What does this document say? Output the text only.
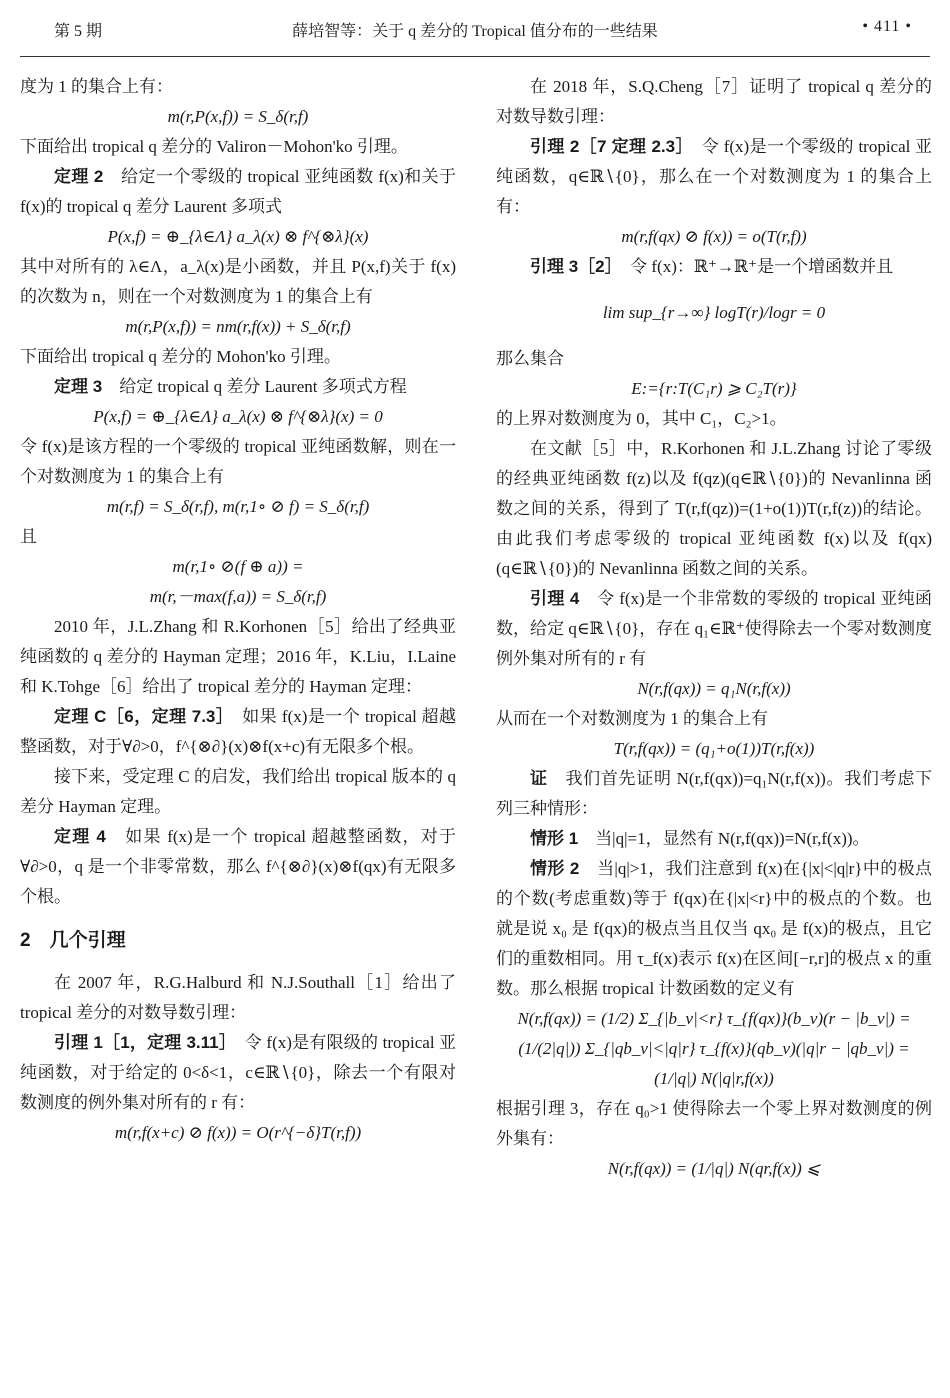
第 5 期	薛培智等：关于 q 差分的 Tropical 值分布的一些结果	• 411 •

度为 1 的集合上有：

m(r,P(x,f)) = S_δ(r,f)

下面给出 tropical q 差分的 Valiron－Mohon'ko 引理。

定理 2　 给定一个零级的 tropical 亚纯函数 f(x)和关于 f(x)的 tropical q 差分 Laurent 多项式

P(x,f) = ⊕_{λ∈Λ} a_λ(x) ⊗ f^{⊗λ}(x)

其中对所有的 λ∈Λ，a_λ(x)是小函数，并且 P(x,f)关于 f(x)的次数为 n，则在一个对数测度为 1 的集合上有

m(r,P(x,f)) = nm(r,f(x)) + S_δ(r,f)

下面给出 tropical q 差分的 Mohon'ko 引理。

定理 3　 给定 tropical q 差分 Laurent 多项式方程

P(x,f) = ⊕_{λ∈Λ} a_λ(x) ⊗ f^{⊗λ}(x) = 0

令 f(x)是该方程的一个零级的 tropical 亚纯函数解，则在一个对数测度为 1 的集合上有

m(r,f) = S_δ(r,f), m(r,1∘ ⊘ f) = S_δ(r,f)

且

m(r,1∘ ⊘(f ⊕ a)) =
m(r,－max(f,a)) = S_δ(r,f)

2010 年，J.L.Zhang 和 R.Korhonen［5］给出了经典亚纯函数的 q 差分的 Hayman 定理；2016 年，K.Liu，I.Laine 和 K.Tohge［6］给出了 tropical 差分的 Hayman 定理：

定理 C［6，定理 7.3］　 如果 f(x)是一个 tropical 超越整函数，对于∀∂>0，f^{⊗∂}(x)⊗f(x+c)有无限多个根。

接下来，受定理 C 的启发，我们给出 tropical 版本的 q 差分 Hayman 定理。

定理 4　 如果 f(x)是一个 tropical 超越整函数，对于∀∂>0，q 是一个非零常数，那么 f^{⊗∂}(x)⊗f(qx)有无限多个根。

2　几个引理

在 2007 年，R.G.Halburd 和 N.J.Southall［1］给出了 tropical 差分的对数导数引理：

引理 1［1，定理 3.11］　 令 f(x)是有限级的 tropical 亚纯函数，对于给定的 0<δ<1，c∈ℝ∖{0}，除去一个有限对数测度的例外集对所有的 r 有：

m(r,f(x+c) ⊘ f(x)) = O(r^{−δ}T(r,f))

在 2018 年，S.Q.Cheng［7］证明了 tropical q 差分的对数导数引理：

引理 2［7 定理 2.3］　 令 f(x)是一个零级的 tropical 亚纯函数，q∈ℝ∖{0}，那么在一个对数测度为 1 的集合上有：

m(r,f(qx) ⊘ f(x)) = o(T(r,f))

引理 3［2］　 令 f(x)：ℝ⁺→ℝ⁺是一个增函数并且

lim sup_{r→∞} logT(r)/logr = 0

那么集合

E:={r:T(C₁r) ⩾ C₂T(r)}

的上界对数测度为 0，其中 C₁，C₂>1。

在文献［5］中，R.Korhonen 和 J.L.Zhang 讨论了零级的经典亚纯函数 f(z)以及 f(qz)(q∈ℝ∖{0})的 Nevanlinna 函数之间的关系，得到了 T(r,f(qz))=(1+o(1))T(r,f(z))的结论。由此我们考虑零级的 tropical 亚纯函数 f(x)以及 f(qx)(q∈ℝ∖{0})的 Nevanlinna 函数之间的关系。

引理 4　 令 f(x)是一个非常数的零级的 tropical 亚纯函数，给定 q∈ℝ∖{0}，存在 q₁∈ℝ⁺使得除去一个零对数测度例外集对所有的 r 有

N(r,f(qx)) = q₁N(r,f(x))

从而在一个对数测度为 1 的集合上有

T(r,f(qx)) = (q₁+o(1))T(r,f(x))

证　 我们首先证明 N(r,f(qx))=q₁N(r,f(x))。我们考虑下列三种情形：

情形 1　 当|q|=1，显然有 N(r,f(qx))=N(r,f(x))。

情形 2　 当|q|>1，我们注意到 f(x)在{|x|<|q|r}中的极点的个数(考虑重数)等于 f(qx)在{|x|<r}中的极点的个数。也就是说 x₀ 是 f(qx)的极点当且仅当 qx₀ 是 f(x)的极点，且它们的重数相同。用 τ_f(x)表示 f(x)在区间[−r,r]的极点 x 的重数。那么根据 tropical 计数函数的定义有

N(r,f(qx)) = (1/2) Σ_{|b_ν|<r} τ_{f(qx)}(b_ν)(r − |b_ν|) =
(1/(2|q|)) Σ_{|qb_ν|<|q|r} τ_{f(x)}(qb_ν)(|q|r − |qb_ν|) =
(1/|q|) N(|q|r,f(x))

根据引理 3，存在 q₀>1 使得除去一个零上界对数测度的例外集有：

N(r,f(qx)) = (1/|q|) N(qr,f(x)) ⩽
